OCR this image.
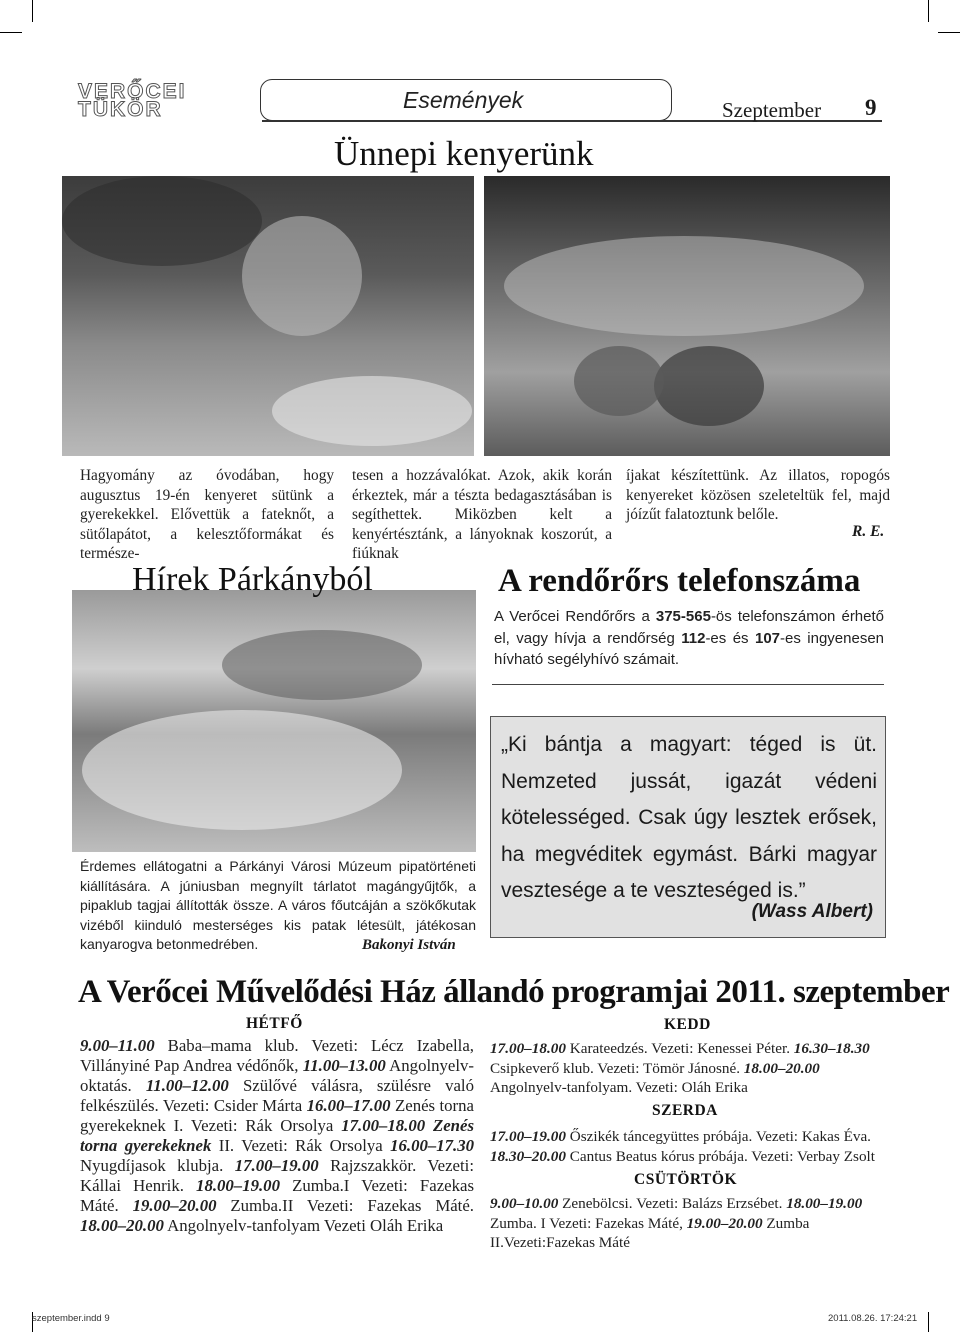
VERŐCEI
TÜKÖR	Események	Szeptember 9
Ünnepi kenyerünk
Hagyomány az óvodában, hogy augusztus 19-én kenyeret sütünk a gyerekekkel. Elővettük a fateknőt, a sütőlapátot, a kelesztőformákat és természe-
tesen a hozzávalókat. Azok, akik korán érkeztek, már a tészta bedagasztásában is segíthettek. Miközben kelt a kenyértésztánk, a lányoknak koszorút, a fiúknak
íjakat készítettünk. Az illatos, ropogós kenyereket közösen szeleteltük fel, majd jóízűt falatoztunk belőle.
R. E.
Hírek Párkányból
Érdemes ellátogatni a Párkányi Városi Múzeum pipatörténeti kiállítására. A júniusban megnyílt tárlatot magángyűjtők, a pipaklub tagjai állították össze. A város főutcáján a szökőkutak vizéből kiinduló mesterséges kis patak létesült, játékosan kanyarogva betonmedrében.	Bakonyi István
A rendőrőrs telefonszáma
A Verőcei Rendőrőrs a 375-565-ös telefonszámon érhető el, vagy hívja a rendőrség 112-es és 107-es ingyenesen hívható segélyhívó számait.
„Ki bántja a magyart: téged is üt. Nemzeted jussát, igazát védeni kötelességed. Csak úgy lesztek erősek, ha megvéditek egymást. Bárki magyar vesztesége a te veszteséged is.”
(Wass Albert)
A Verőcei Művelődési Ház állandó programjai 2011. szeptember
HÉTFŐ
9.00–11.00 Baba–mama klub. Vezeti: Lécz Izabella, Villányiné Pap Andrea védőnők, 11.00–13.00 Angolnyelv-oktatás. 11.00–12.00 Szülővé válásra, szülésre való felkészülés. Vezeti: Csider Márta 16.00–17.00 Zenés torna gyerekeknek I. Vezeti: Rák Orsolya 17.00–18.00 Zenés torna gyerekeknek II. Vezeti: Rák Orsolya 16.00–17.30 Nyugdíjasok klubja. 17.00–19.00 Rajzszakkör. Vezeti: Kállai Henrik. 18.00–19.00 Zumba.I Vezeti: Fazekas Máté. 19.00–20.00 Zumba.II Vezeti: Fazekas Máté. 18.00–20.00 Angolnyelv-tanfolyam Vezeti Oláh Erika
KEDD
17.00–18.00 Karateedzés. Vezeti: Kenessei Péter. 16.30–18.30 Csipkeverő klub. Vezeti: Tömör Jánosné. 18.00–20.00 Angolnyelv-tanfolyam. Vezeti: Oláh Erika
SZERDA
17.00–19.00 Őszikék táncegyüttes próbája. Vezeti: Kakas Éva. 18.30–20.00 Cantus Beatus kórus próbája. Vezeti: Verbay Zsolt
CSÜTÖRTÖK
9.00–10.00 Zenebölcsi. Vezeti: Balázs Erzsébet. 18.00–19.00 Zumba. I Vezeti: Fazekas Máté, 19.00–20.00 Zumba II.Vezeti:Fazekas Máté
szeptember.indd 9	2011.08.26. 17:24:21
